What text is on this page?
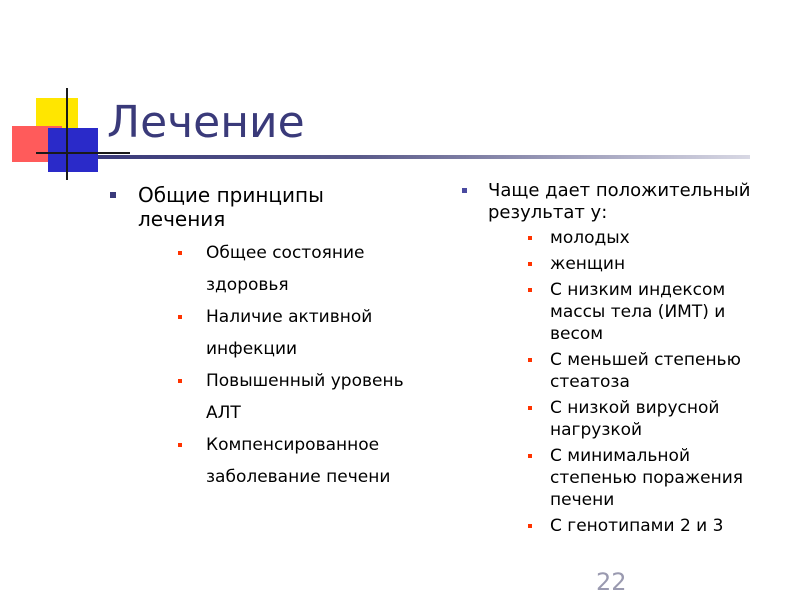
Лечение
Общие принципы лечения
Общее состояние здоровья
Наличие активной инфекции
Повышенный уровень АЛТ
Компенсированное заболевание печени
Чаще дает положительный результат у:
молодых
женщин
С низким индексом массы тела (ИМТ) и весом
С меньшей степенью стеатоза
С низкой вирусной нагрузкой
С минимальной степенью поражения печени
С генотипами 2 и 3
22
